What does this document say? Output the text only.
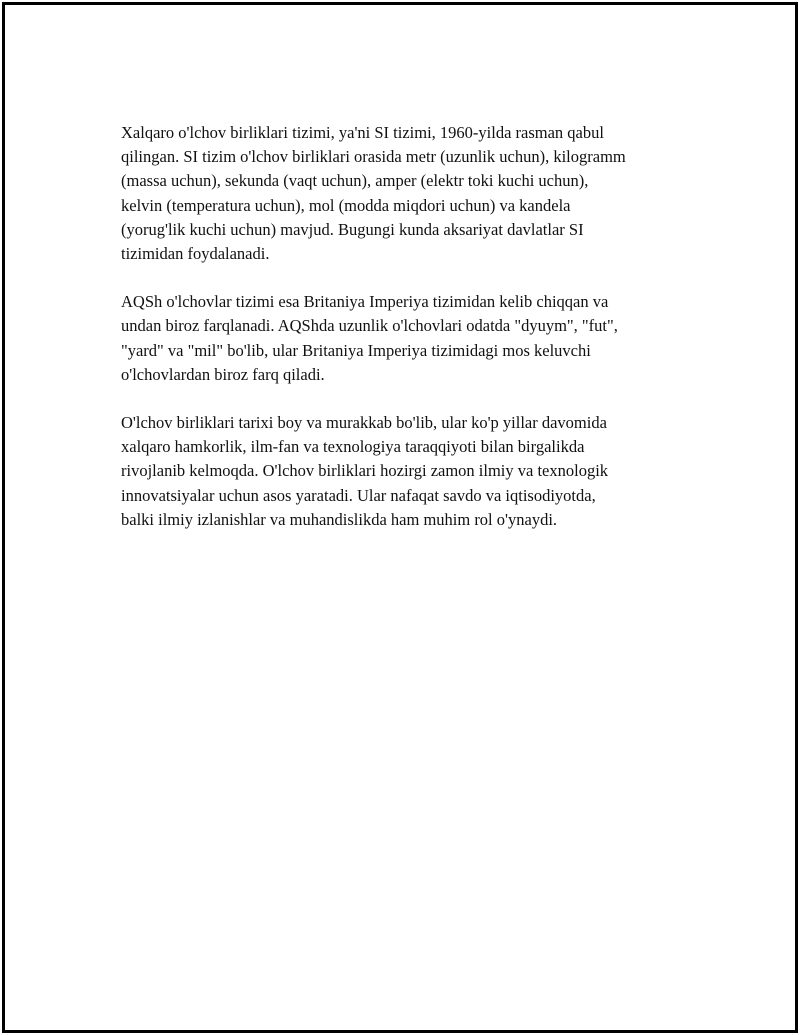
Xalqaro o'lchov birliklari tizimi, ya'ni SI tizimi, 1960-yilda rasman qabul
qilingan. SI tizim o'lchov birliklari orasida metr (uzunlik uchun), kilogramm
(massa uchun), sekunda (vaqt uchun), amper (elektr toki kuchi uchun),
kelvin (temperatura uchun), mol (modda miqdori uchun) va kandela
(yorug'lik kuchi uchun) mavjud. Bugungi kunda aksariyat davlatlar SI
tizimidan foydalanadi.

AQSh o'lchovlar tizimi esa Britaniya Imperiya tizimidan kelib chiqqan va
undan biroz farqlanadi. AQShda uzunlik o'lchovlari odatda "dyuym", "fut",
"yard" va "mil" bo'lib, ular Britaniya Imperiya tizimidagi mos keluvchi
o'lchovlardan biroz farq qiladi.

O'lchov birliklari tarixi boy va murakkab bo'lib, ular ko'p yillar davomida
xalqaro hamkorlik, ilm-fan va texnologiya taraqqiyoti bilan birgalikda
rivojlanib kelmoqda. O'lchov birliklari hozirgi zamon ilmiy va texnologik
innovatsiyalar uchun asos yaratadi. Ular nafaqat savdo va iqtisodiyotda,
balki ilmiy izlanishlar va muhandislikda ham muhim rol o'ynaydi.
